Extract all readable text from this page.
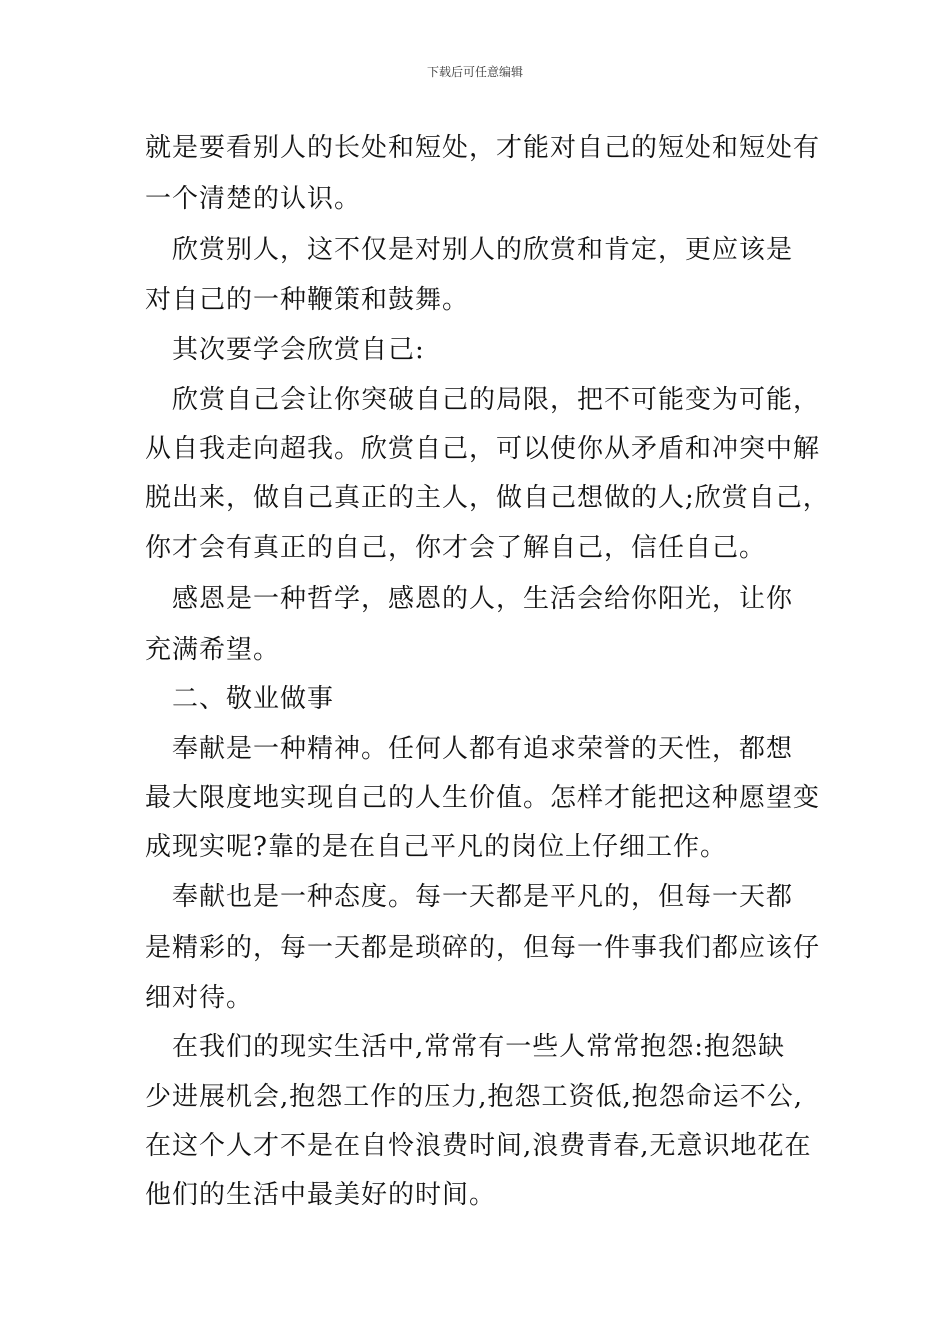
下载后可任意编辑
就是要看别人的长处和短处，才能对自己的短处和短处有
一个清楚的认识。
　欣赏别人，这不仅是对别人的欣赏和肯定，更应该是
对自己的一种鞭策和鼓舞。
　其次要学会欣赏自己:
　欣赏自己会让你突破自己的局限，把不可能变为可能，
从自我走向超我。欣赏自己，可以使你从矛盾和冲突中解
脱出来，做自己真正的主人，做自己想做的人;欣赏自己，
你才会有真正的自己，你才会了解自己，信任自己。
　感恩是一种哲学，感恩的人，生活会给你阳光，让你
充满希望。
　二、敬业做事
　奉献是一种精神。任何人都有追求荣誉的天性，都想
最大限度地实现自己的人生价值。怎样才能把这种愿望变
成现实呢?靠的是在自己平凡的岗位上仔细工作。
　奉献也是一种态度。每一天都是平凡的，但每一天都
是精彩的，每一天都是琐碎的，但每一件事我们都应该仔
细对待。
　在我们的现实生活中,常常有一些人常常抱怨:抱怨缺
少进展机会,抱怨工作的压力,抱怨工资低,抱怨命运不公,
在这个人才不是在自怜浪费时间,浪费青春,无意识地花在
他们的生活中最美好的时间。
